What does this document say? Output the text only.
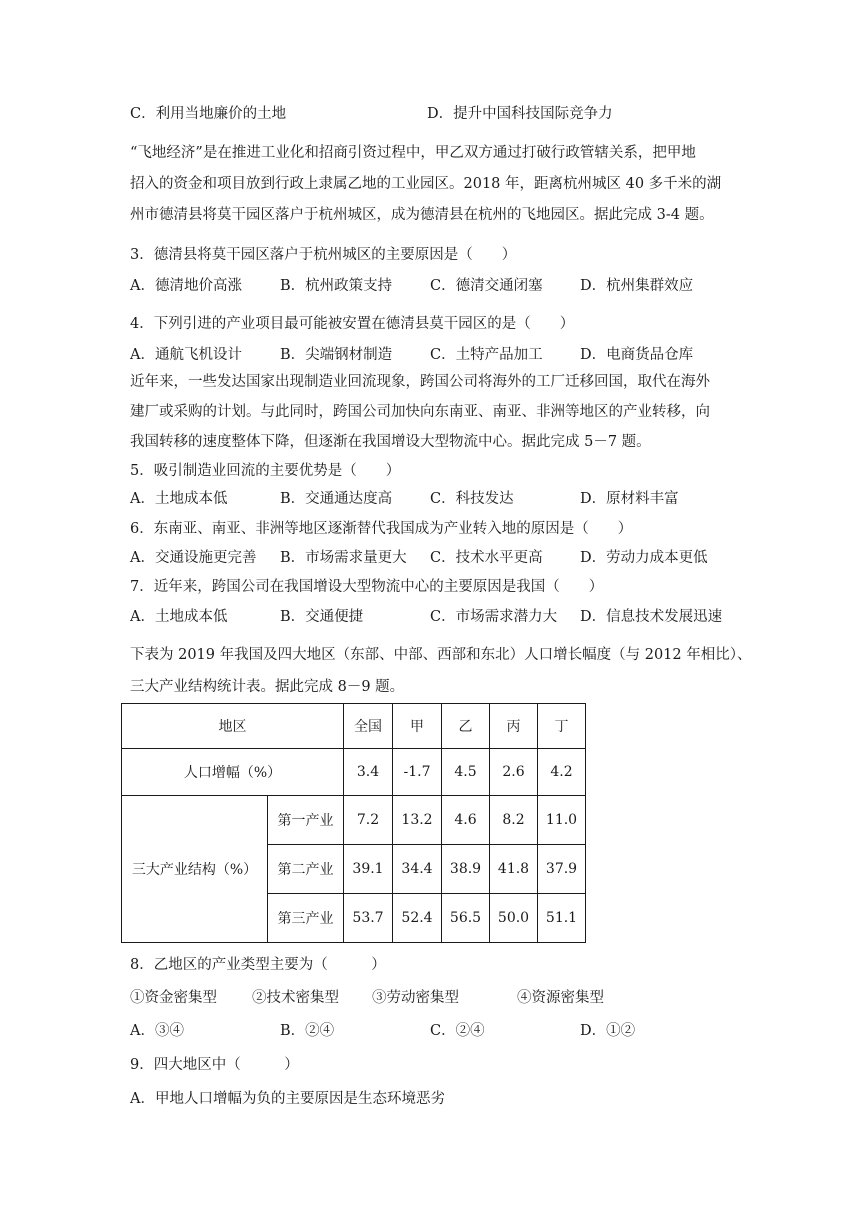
C．利用当地廉价的土地	D．提升中国科技国际竞争力
“飞地经济”是在推进工业化和招商引资过程中，甲乙双方通过打破行政管辖关系，把甲地
招入的资金和项目放到行政上隶属乙地的工业园区。2018 年，距离杭州城区 40 多千米的湖
州市德清县将莫干园区落户于杭州城区，成为德清县在杭州的飞地园区。据此完成 3-4 题。
3．德清县将莫干园区落户于杭州城区的主要原因是（　　）
A．德清地价高涨	B．杭州政策支持	C．德清交通闭塞	D．杭州集群效应
4．下列引进的产业项目最可能被安置在德清县莫干园区的是（　　）
A．通航飞机设计	B．尖端钢材制造	C．土特产品加工	D．电商货品仓库
近年来，一些发达国家出现制造业回流现象，跨国公司将海外的工厂迁移回国，取代在海外
建厂或采购的计划。与此同时，跨国公司加快向东南亚、南亚、非洲等地区的产业转移，向
我国转移的速度整体下降，但逐渐在我国增设大型物流中心。据此完成 5－7 题。
5．吸引制造业回流的主要优势是（　　）
A．土地成本低	B．交通通达度高	C．科技发达	D．原材料丰富
6．东南亚、南亚、非洲等地区逐渐替代我国成为产业转入地的原因是（　　）
A．交通设施更完善 B．市场需求量更大 C．技术水平更高	D．劳动力成本更低
7．近年来，跨国公司在我国增设大型物流中心的主要原因是我国（　　）
A．土地成本低	B．交通便捷	C．市场需求潜力大 D．信息技术发展迅速
下表为 2019 年我国及四大地区（东部、中部、西部和东北）人口增长幅度（与 2012 年相比）、
三大产业结构统计表。据此完成 8－9 题。
地区		全国	甲	乙	丙	丁
人口增幅（%）		3.4	-1.7	4.5	2.6	4.2
三大产业结构（%）	第一产业	7.2	13.2	4.6	8.2	11.0
	第二产业	39.1	34.4	38.9	41.8	37.9
	第三产业	53.7	52.4	56.5	50.0	51.1
8．乙地区的产业类型主要为（　　　）
①资金密集型 ②技术密集型 ③劳动密集型	④资源密集型
A．③④	B．②④	C．②④	D．①②
9．四大地区中（　　　）
A．甲地人口增幅为负的主要原因是生态环境恶劣
